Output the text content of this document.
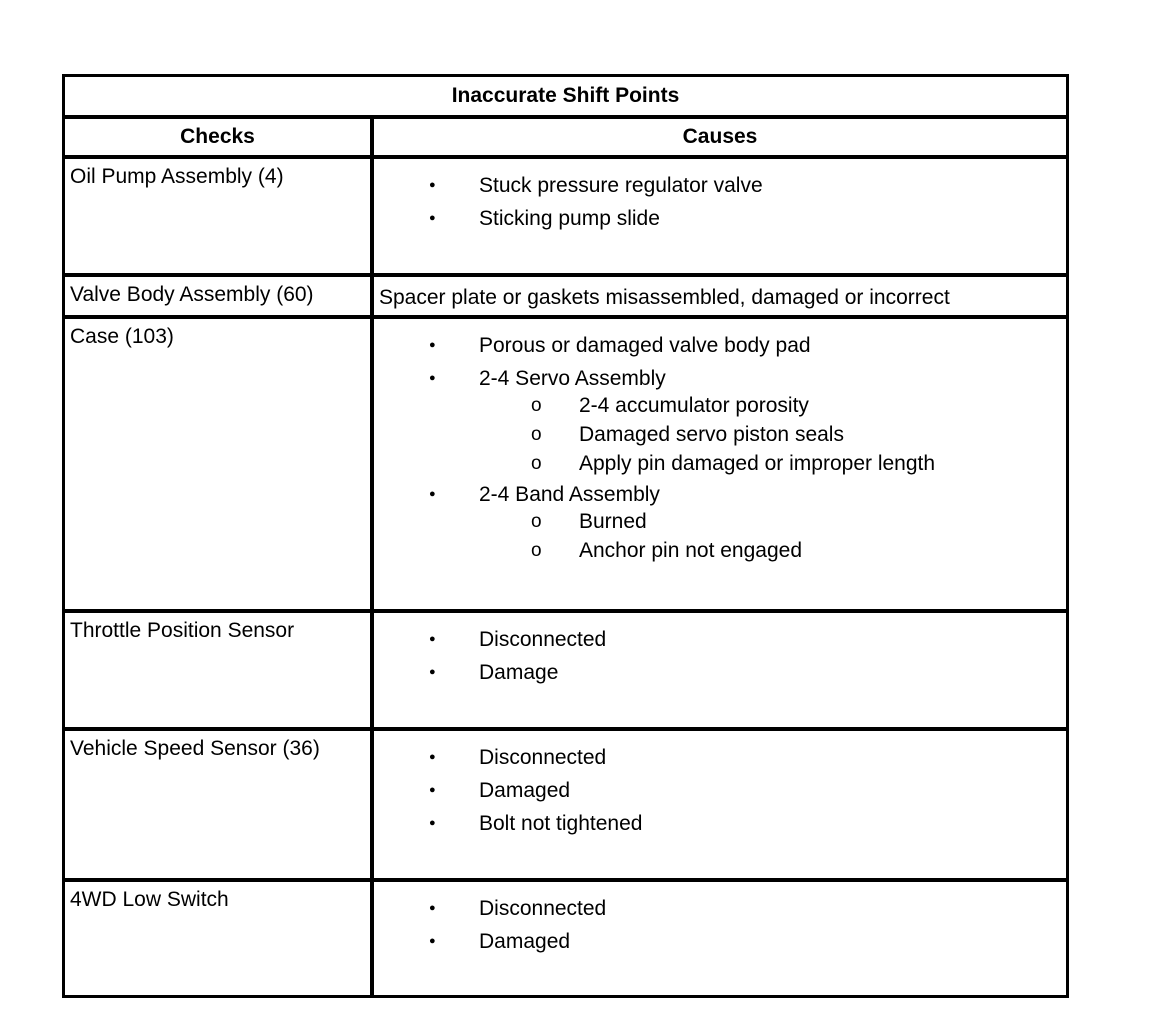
Inaccurate Shift Points
Checks	Causes
Oil Pump Assembly (4)	● Stuck pressure regulator valve
● Sticking pump slide
Valve Body Assembly (60)	Spacer plate or gaskets misassembled, damaged or incorrect
Case (103)	● Porous or damaged valve body pad
● 2-4 Servo Assembly
o 2-4 accumulator porosity
o Damaged servo piston seals
o Apply pin damaged or improper length
● 2-4 Band Assembly
o Burned
o Anchor pin not engaged
Throttle Position Sensor	● Disconnected
● Damage
Vehicle Speed Sensor (36)	● Disconnected
● Damaged
● Bolt not tightened
4WD Low Switch	● Disconnected
● Damaged
